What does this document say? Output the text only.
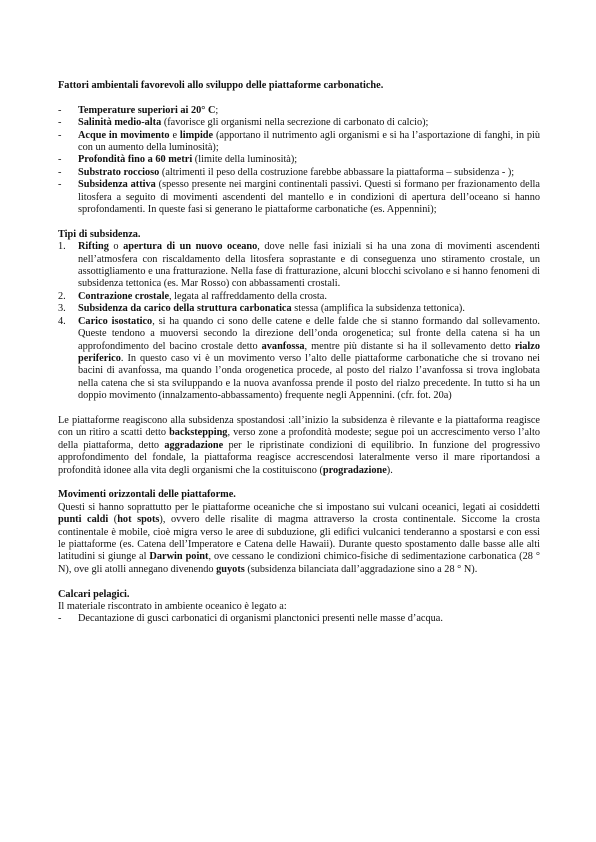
Fattori ambientali favorevoli allo sviluppo delle piattaforme carbonatiche.
- Temperature superiori ai 20° C;
- Salinità medio-alta (favorisce gli organismi nella secrezione di carbonato di calcio);
- Acque in movimento e limpide (apportano il nutrimento agli organismi e si ha l’asportazione di fanghi, in più con un aumento della luminosità);
- Profondità fino a 60 metri (limite della luminosità);
- Substrato roccioso (altrimenti il peso della costruzione farebbe abbassare la piattaforma – subsidenza - );
- Subsidenza attiva (spesso presente nei margini continentali passivi. Questi si formano per frazionamento della litosfera a seguito di movimenti ascendenti del mantello e in condizioni di apertura dell’oceano si hanno sprofondamenti. In queste fasi si generano le piattaforme carbonatiche (es. Appennini);
Tipi di subsidenza.
1. Rifting o apertura di un nuovo oceano, dove nelle fasi iniziali si ha una zona di movimenti ascendenti nell’atmosfera con riscaldamento della litosfera soprastante e di conseguenza uno stiramento crostale, un assottigliamento e una fratturazione. Nella fase di fratturazione, alcuni blocchi scivolano e si hanno fenomeni di subsidenza tettonica (es. Mar Rosso) con abbassamenti crostali.
2. Contrazione crostale, legata al raffreddamento della crosta.
3. Subsidenza da carico della struttura carbonatica stessa (amplifica la subsidenza tettonica).
4. Carico isostatico, si ha quando ci sono delle catene e delle falde che si stanno formando dal sollevamento. Queste tendono a muoversi secondo la direzione dell’onda orogenetica; sul fronte della catena si ha un approfondimento del bacino crostale detto avanfossa, mentre più distante si ha il sollevamento detto rialzo periferico. In questo caso vi è un movimento verso l’alto delle piattaforme carbonatiche che si trovano nei bacini di avanfossa, ma quando l’onda orogenetica procede, al posto del rialzo l’avanfossa si trova inglobata nella catena che si sta sviluppando e la nuova avanfossa prende il posto del rialzo precedente. In tutto si ha un doppio movimento (innalzamento-abbassamento) frequente negli Appennini. (cfr. fot. 20a)

Le piattaforme reagiscono alla subsidenza spostandosi :all’inizio la subsidenza è rilevante e la piattaforma reagisce con un ritiro a scatti detto backstepping, verso zone a profondità modeste; segue poi un accrescimento verso l’alto della piattaforma, detto aggradazione per le ripristinate condizioni di equilibrio. In funzione del progressivo approfondimento del fondale, la piattaforma reagisce accrescendosi lateralmente verso il mare riportandosi a profondità idonee alla vita degli organismi che la costituiscono (progradazione).

Movimenti orizzontali delle piattaforme.

Questi si hanno soprattutto per le piattaforme oceaniche che si impostano sui vulcani oceanici, legati ai cosiddetti punti caldi (hot spots), ovvero delle risalite di magma attraverso la crosta continentale. Siccome la crosta continentale è mobile, cioè migra verso le aree di subduzione, gli edifici vulcanici tenderanno a spostarsi e con essi le piattaforme (es. Catena dell’Imperatore e Catena delle Hawaii). Durante questo spostamento dalle basse alle alti latitudini si giunge al Darwin point, ove cessano le condizioni chimico-fisiche di sedimentazione carbonatica (28 ° N), ove gli atolli annegano divenendo guyots (subsidenza bilanciata dall’aggradazione sino a 28 ° N).

Calcari pelagici.

Il materiale riscontrato in ambiente oceanico è legato a:

- Decantazione di gusci carbonatici di organismi planctonici presenti nelle masse d’acqua.
